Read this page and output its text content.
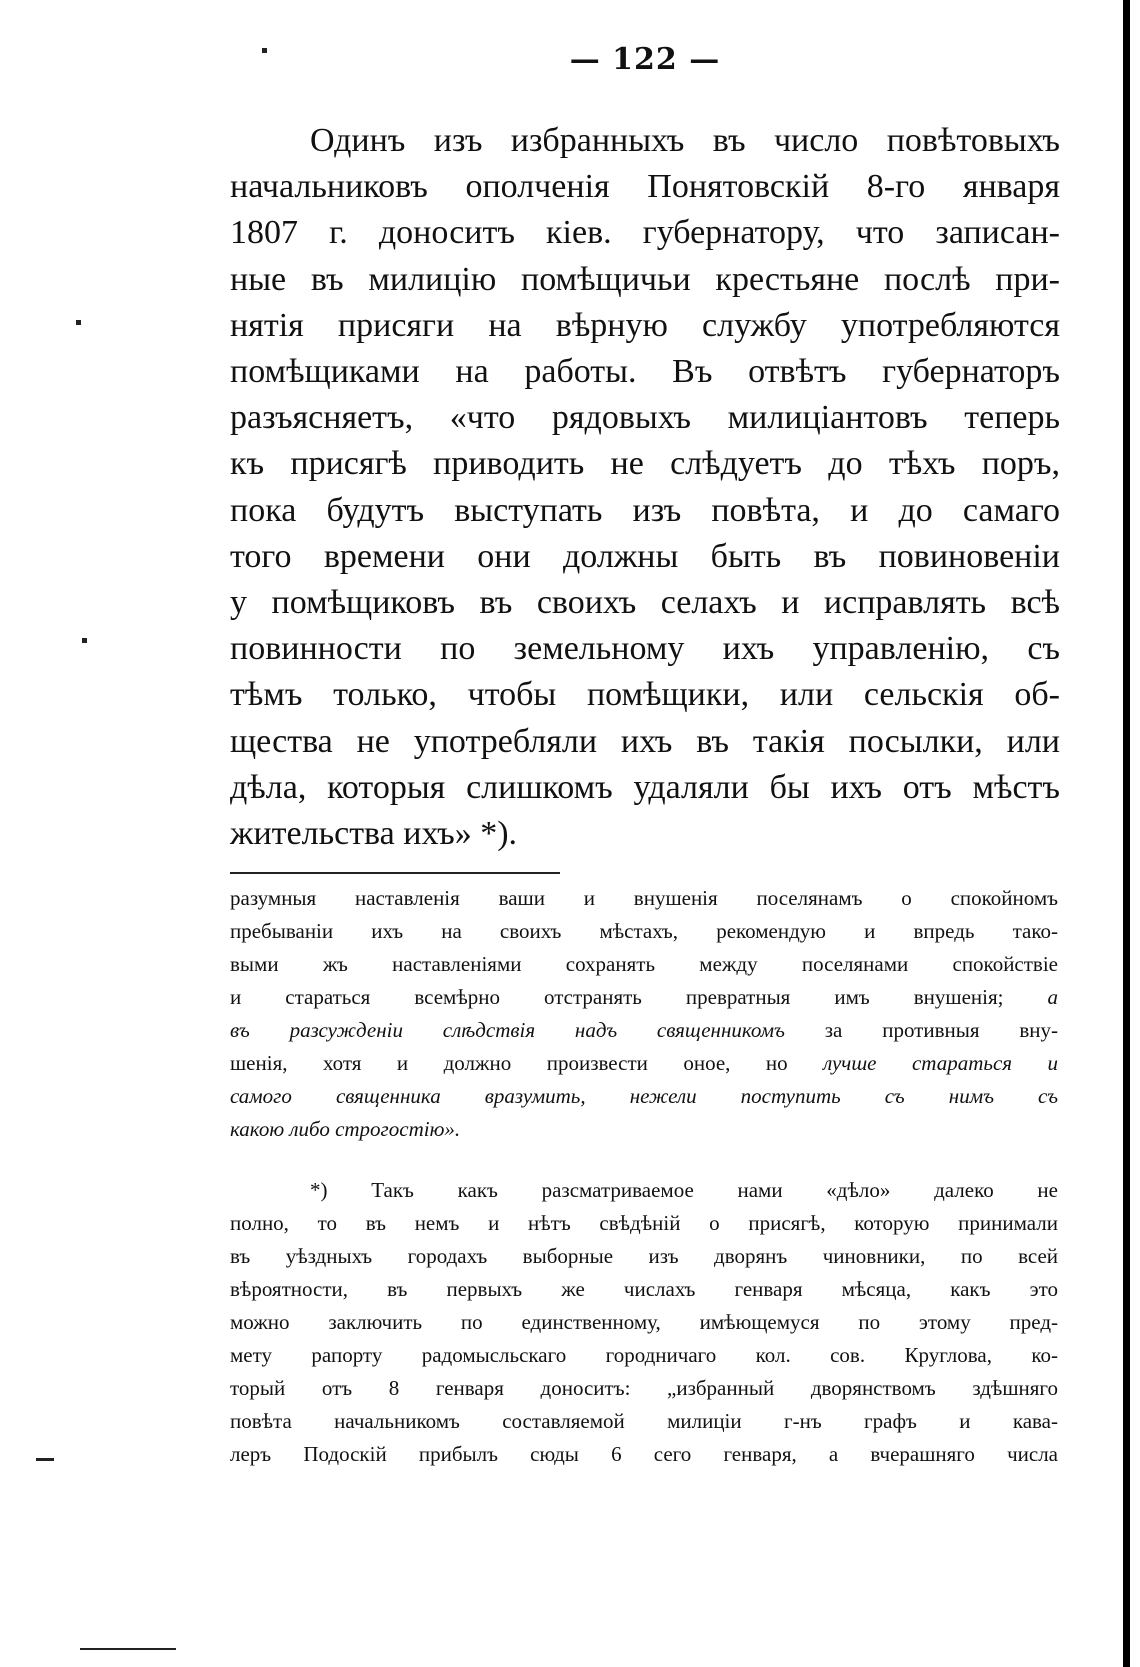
— 122 —
Одинъ изъ избранныхъ въ число повѣтовыхъ
начальниковъ ополченія Понятовскій 8-го января
1807 г. доноситъ кіев. губернатору, что записан-
ные въ милицію помѣщичьи крестьяне послѣ при-
нятія присяги на вѣрную службу употребляются
помѣщиками на работы. Въ отвѣтъ губернаторъ
разъясняетъ, «что рядовыхъ милиціантовъ теперь
къ присягѣ приводить не слѣдуетъ до тѣхъ поръ,
пока будутъ выступать изъ повѣта, и до самаго
того времени они должны быть въ повиновеніи
у помѣщиковъ въ своихъ селахъ и исправлять всѣ
повинности по земельному ихъ управленію, съ
тѣмъ только, чтобы помѣщики, или сельскія об-
щества не употребляли ихъ въ такія посылки, или
дѣла, которыя слишкомъ удаляли бы ихъ отъ мѣстъ
жительства ихъ» *).
разумныя наставленія ваши и внушенія поселянамъ о спокойномъ
пребываніи ихъ на своихъ мѣстахъ, рекомендую и впредь тако-
выми жъ наставленіями сохранять между поселянами спокойствіе
и стараться всемѣрно отстранять превратныя имъ внушенія; а
въ разсужденіи слѣдствія надъ священникомъ за противныя вну-
шенія, хотя и должно произвести оное, но лучше стараться и
самого священника вразумить, нежели поступить съ нимъ съ
какою либо строгостію».
*) Такъ какъ разсматриваемое нами «дѣло» далеко не
полно, то въ немъ и нѣтъ свѣдѣній о присягѣ, которую принимали
въ уѣздныхъ городахъ выборные изъ дворянъ чиновники, по всей
вѣроятности, въ первыхъ же числахъ генваря мѣсяца, какъ это
можно заключить по единственному, имѣющемуся по этому пред-
мету рапорту радомысльскаго городничаго кол. сов. Круглова, ко-
торый отъ 8 генваря доноситъ: „избранный дворянствомъ здѣшняго
повѣта начальникомъ составляемой милиціи г-нъ графъ и кава-
леръ Подоскій прибылъ сюды 6 сего генваря, а вчерашняго числа
